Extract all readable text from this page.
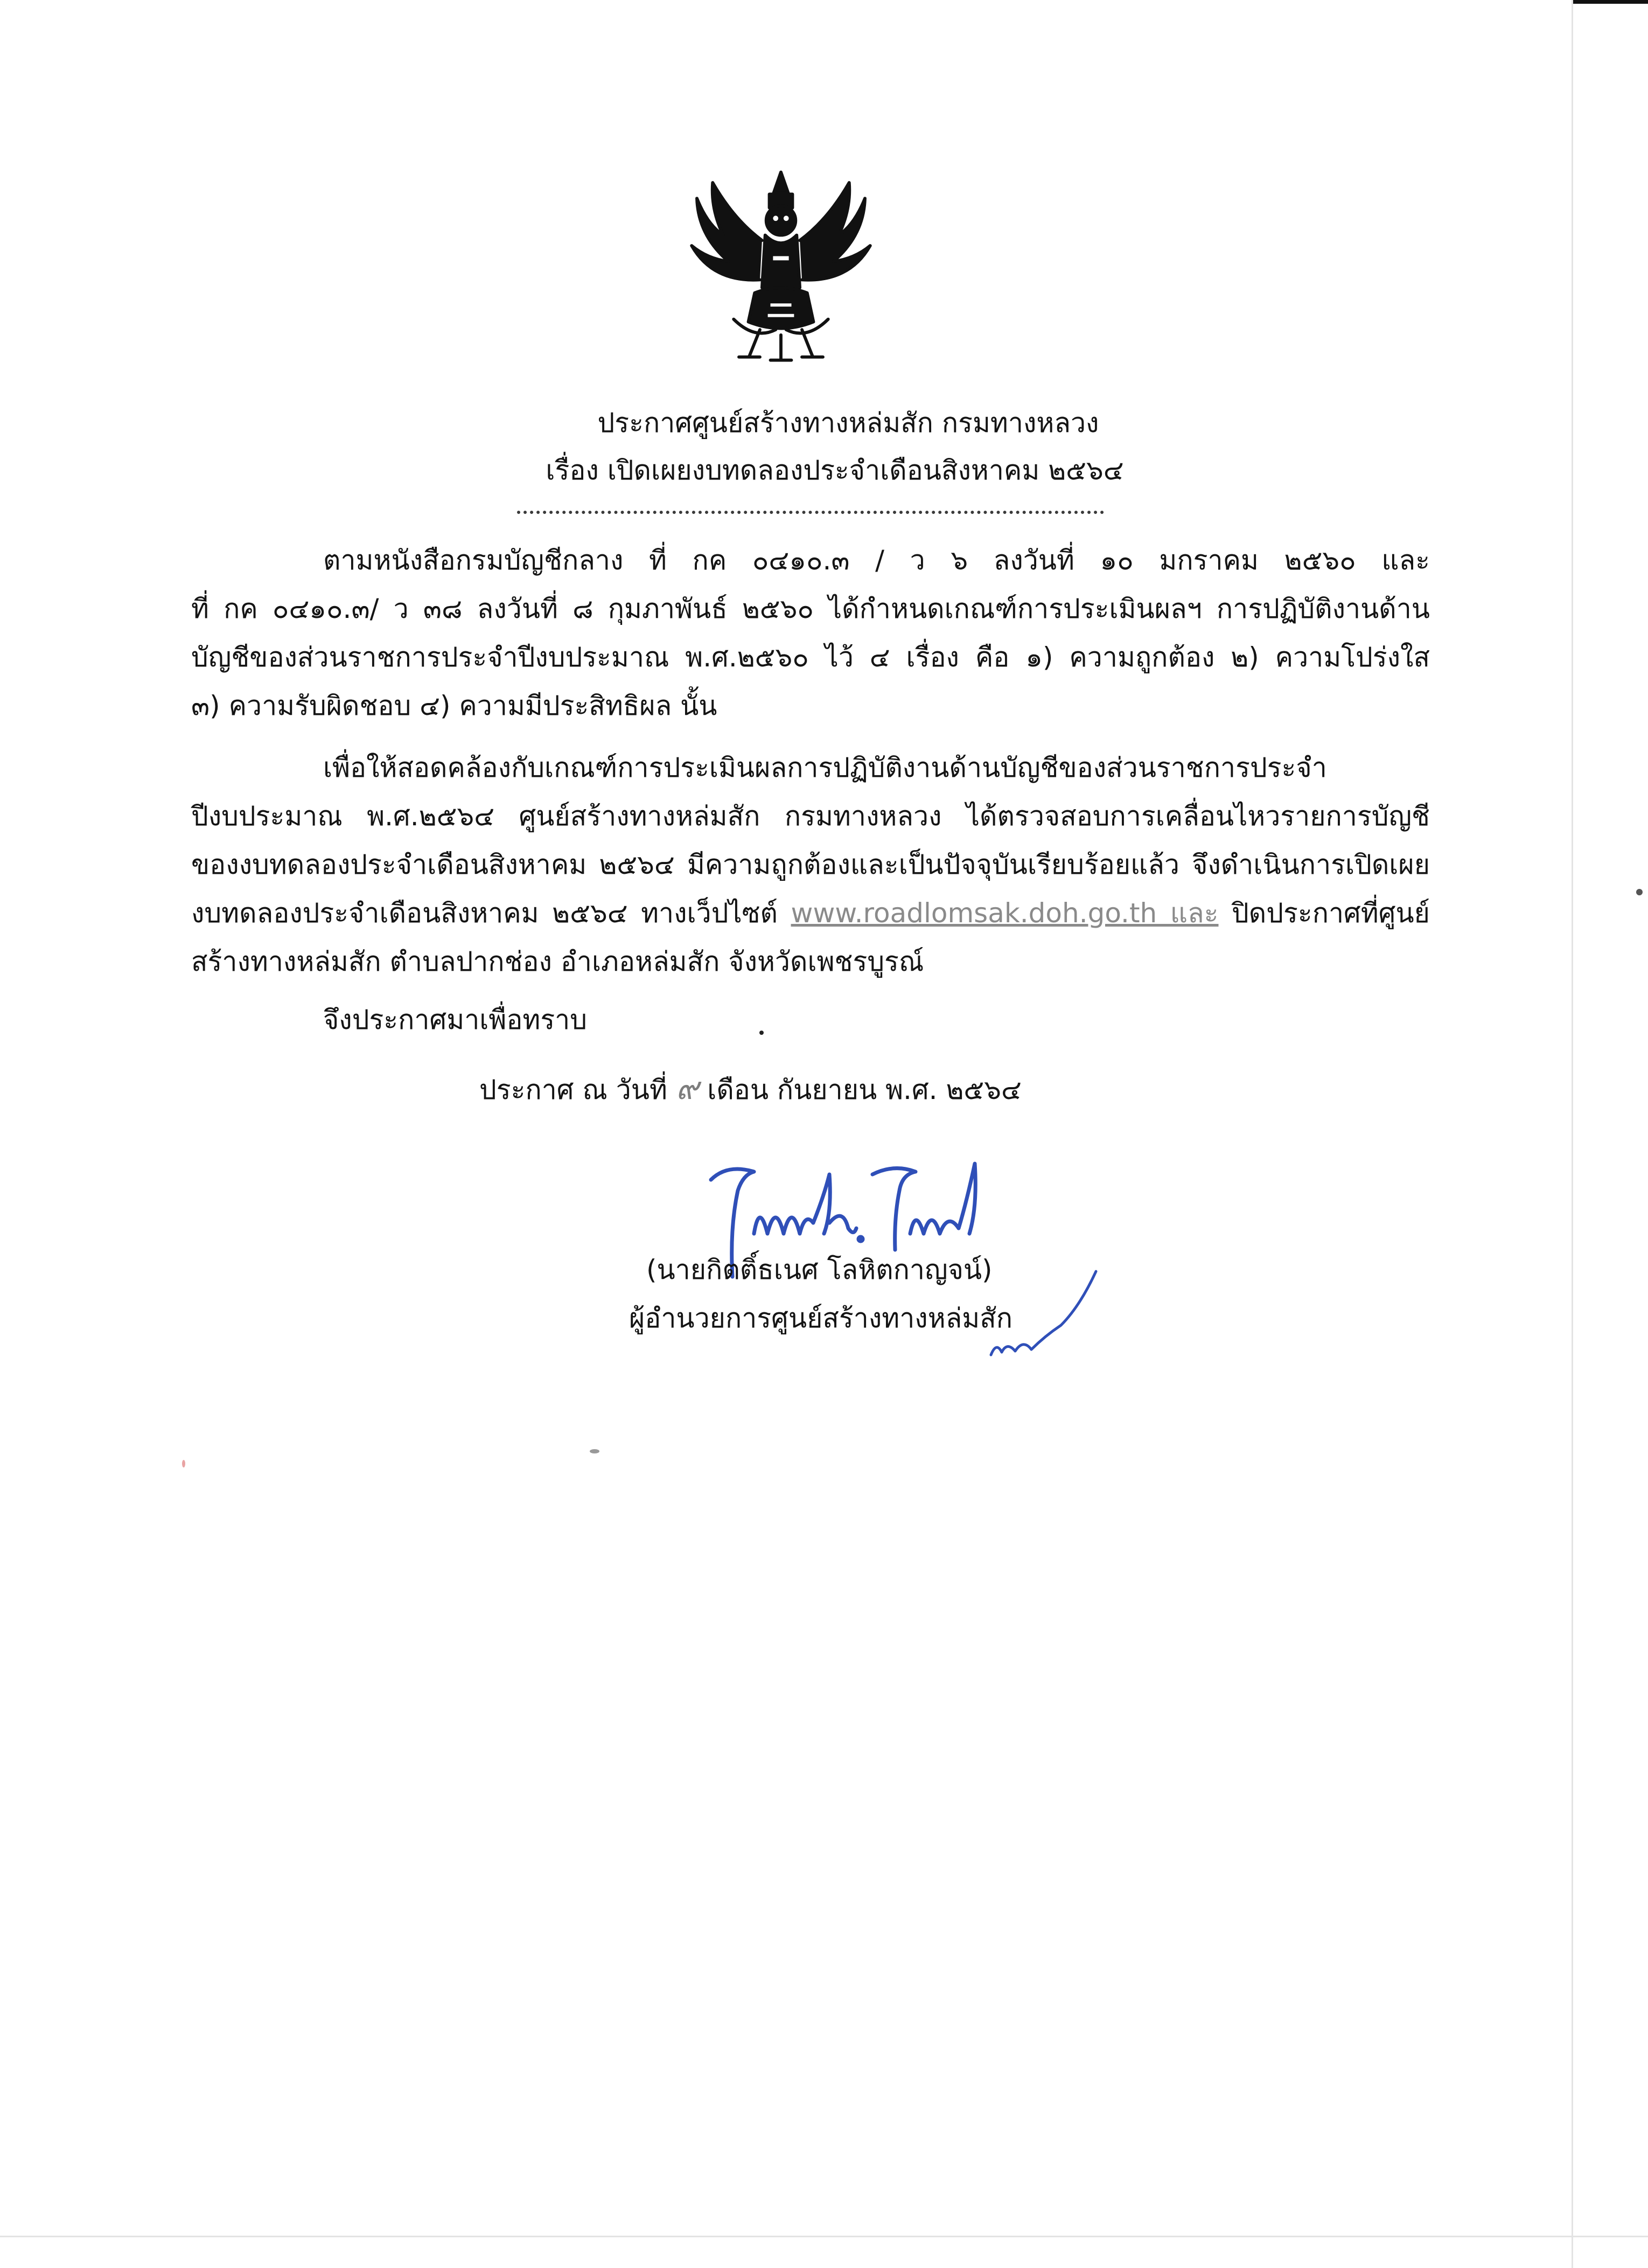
ประกาศศูนย์สร้างทางหล่มสัก กรมทางหลวง
เรื่อง เปิดเผยงบทดลองประจำเดือนสิงหาคม ๒๕๖๔
ตามหนังสือกรมบัญชีกลาง ที่ กค ๐๔๑๐.๓ / ว ๖ ลงวันที่ ๑๐ มกราคม ๒๕๖๐ และ
ที่ กค ๐๔๑๐.๓/ ว ๓๘ ลงวันที่ ๘ กุมภาพันธ์ ๒๕๖๐ ได้กำหนดเกณฑ์การประเมินผลฯ การปฏิบัติงานด้าน
บัญชีของส่วนราชการประจำปีงบประมาณ พ.ศ.๒๕๖๐ ไว้ ๔ เรื่อง คือ ๑) ความถูกต้อง ๒) ความโปร่งใส
๓) ความรับผิดชอบ ๔) ความมีประสิทธิผล นั้น
เพื่อให้สอดคล้องกับเกณฑ์การประเมินผลการปฏิบัติงานด้านบัญชีของส่วนราชการประจำ
ปีงบประมาณ พ.ศ.๒๕๖๔ ศูนย์สร้างทางหล่มสัก กรมทางหลวง ได้ตรวจสอบการเคลื่อนไหวรายการบัญชี
ของงบทดลองประจำเดือนสิงหาคม ๒๕๖๔ มีความถูกต้องและเป็นปัจจุบันเรียบร้อยแล้ว จึงดำเนินการเปิดเผย
งบทดลองประจำเดือนสิงหาคม ๒๕๖๔ ทางเว็ปไซต์ www.roadlomsak.doh.go.th และ ปิดประกาศที่ศูนย์
สร้างทางหล่มสัก ตำบลปากช่อง อำเภอหล่มสัก จังหวัดเพชรบูรณ์
จึงประกาศมาเพื่อทราบ
ประกาศ ณ วันที่ ๙ เดือน กันยายน พ.ศ. ๒๕๖๔
(นายกิตติ์ธเนศ โลหิตกาญจน์)
ผู้อำนวยการศูนย์สร้างทางหล่มสัก
